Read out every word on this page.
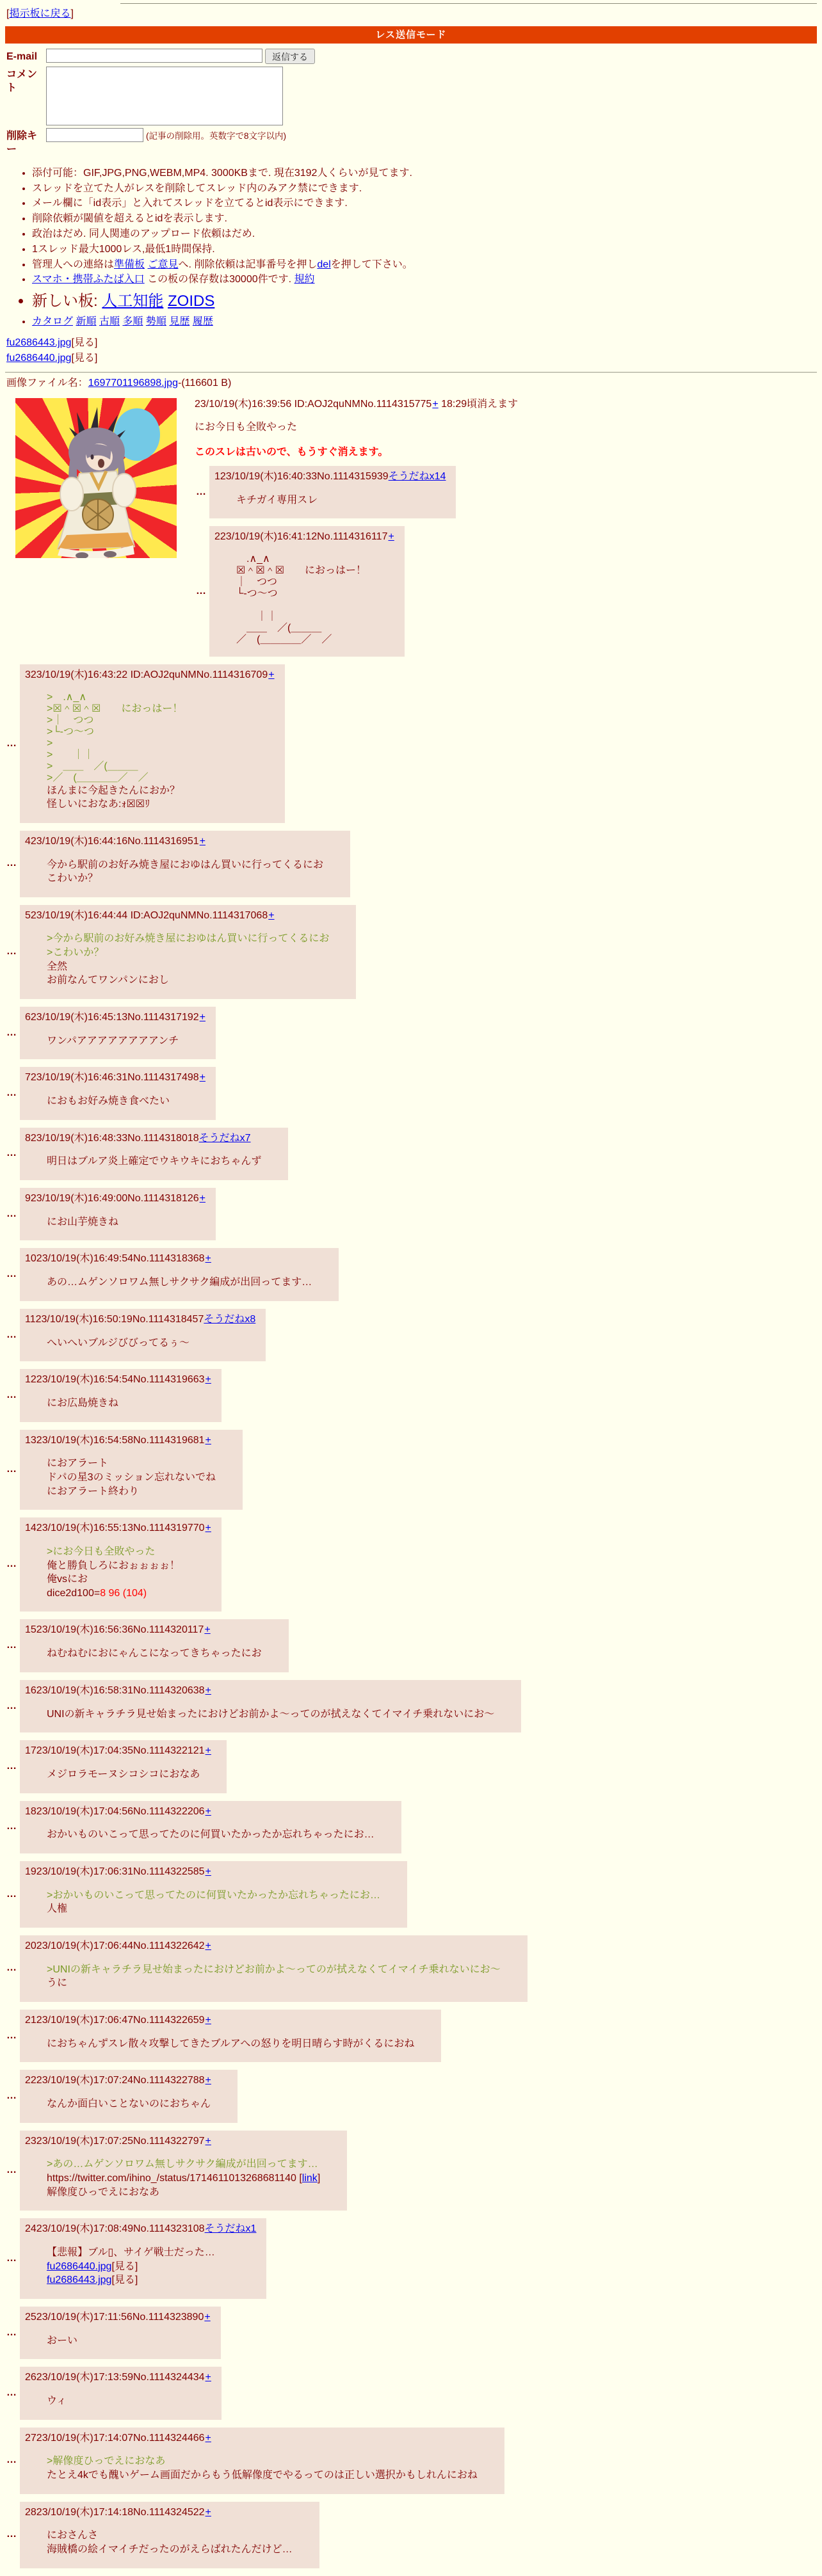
[掲示板に戻る]
レス送信モード
E-mail	返信する
コメント
削除キー
(記事の削除用。英数字で8文字以内)
• 添付可能：GIF,JPG,PNG,WEBM,MP4. 3000KBまで. 現在3192人くらいが見てます.
• スレッドを立てた人がレスを削除してスレッド内のみアク禁にできます.
• メール欄に「id表示」と入れてスレッドを立てるとid表示にできます.
• 削除依頼が閾値を超えるとidを表示します.
• 政治はだめ. 同人関連のアップロード依頼はだめ.
• 1スレッド最大1000レス,最低1時間保持.
• 管理人への連絡は準備板 ご意見へ. 削除依頼は記事番号を押しdelを押して下さい。
• スマホ・携帯ふたば入口 この板の保存数は30000件です. 規約
• 新しい板: 人工知能 ZOIDS
• カタログ 新順 古順 多順 勢順 見歴 履歴
fu2686443.jpg[見る]
fu2686440.jpg[見る]
画像ファイル名：1697701196898.jpg-(116601 B)
23/10/19(木)16:39:56 ID:AOJ2quNMNo.1114315775+ 18:29頃消えます
にお今日も全敗やった
このスレは古いので、もうすぐ消えます。
…	123/10/19(木)16:40:33No.1114315939そうだねx14
キチガイ専用スレ
…	223/10/19(木)16:41:12No.1114316117+
　.∧_∧
☒＾☒＾☒　　におっはー！
｜　つつ
└-つ～つ

　　｜｜
　＿＿　／(＿＿＿
／　(＿＿＿＿／　／
…	323/10/19(木)16:43:22 ID:AOJ2quNMNo.1114316709+
>　.∧_∧
>☒＾☒＾☒　　におっはー！
>｜　つつ
>└-つ～つ
>
>　　｜｜
>　＿＿　／(＿＿＿
>／　(＿＿＿＿／　／
ほんまに今起きたんにおか？
怪しいにおなあ:ｫ☒☒ﾘ
…	423/10/19(木)16:44:16No.1114316951+
今から駅前のお好み焼き屋におゆはん買いに行ってくるにお
こわいか？
…	523/10/19(木)16:44:44 ID:AOJ2quNMNo.1114317068+
>今から駅前のお好み焼き屋におゆはん買いに行ってくるにお
>こわいか？
全然
お前なんてワンパンにおし
…	623/10/19(木)16:45:13No.1114317192+
ワンパアアアアアアアアンチ
…	723/10/19(木)16:46:31No.1114317498+
におもお好み焼き食べたい
…	823/10/19(木)16:48:33No.1114318018そうだねx7
明日はブルア炎上確定でウキウキにおちゃんず
…	923/10/19(木)16:49:00No.1114318126+
にお山芋焼きね
…	1023/10/19(木)16:49:54No.1114318368+
あの…ムゲンソロワム無しサクサク編成が出回ってます…
…	1123/10/19(木)16:50:19No.1114318457そうだねx8
へいへいブルジびびってるぅ～
…	1223/10/19(木)16:54:54No.1114319663+
にお広島焼きね
…	1323/10/19(木)16:54:58No.1114319681+
におアラート
ドパの星3のミッション忘れないでね
におアラート終わり
…	1423/10/19(木)16:55:13No.1114319770+
>にお今日も全敗やった
俺と勝負しろにおぉぉぉぉ！
俺vsにお
dice2d100=8 96 (104)
…	1523/10/19(木)16:56:36No.1114320117+
ねむねむにおにゃんこになってきちゃったにお
…	1623/10/19(木)16:58:31No.1114320638+
UNIの新キャラチラ見せ始まったにおけどお前かよ～ってのが拭えなくてイマイチ乗れないにお～
…	1723/10/19(木)17:04:35No.1114322121+
メジロラモーヌシコシコにおなあ
…	1823/10/19(木)17:04:56No.1114322206+
おかいものいこって思ってたのに何買いたかったか忘れちゃったにお…
…	1923/10/19(木)17:06:31No.1114322585+
>おかいものいこって思ってたのに何買いたかったか忘れちゃったにお…
人権
…	2023/10/19(木)17:06:44No.1114322642+
>UNIの新キャラチラ見せ始まったにおけどお前かよ～ってのが拭えなくてイマイチ乗れないにお～
うに
…	2123/10/19(木)17:06:47No.1114322659+
におちゃんずスレ散々攻撃してきたブルアへの怒りを明日晴らす時がくるにおね
…	2223/10/19(木)17:07:24No.1114322788+
なんか面白いことないのにおちゃん
…	2323/10/19(木)17:07:25No.1114322797+
>あの…ムゲンソロワム無しサクサク編成が出回ってます…
https://twitter.com/ihino_/status/1714611013268681140 [link]
解像度ひっでえにおなあ
…	2423/10/19(木)17:08:49No.1114323108そうだねx1
【悲報】ブル▯、サイゲ戦士だった…
fu2686440.jpg[見る]
fu2686443.jpg[見る]
…	2523/10/19(木)17:11:56No.1114323890+
おーい
…	2623/10/19(木)17:13:59No.1114324434+
ウィ
…	2723/10/19(木)17:14:07No.1114324466+
>解像度ひっでえにおなあ
たとえ4kでも醜いゲーム画面だからもう低解像度でやるってのは正しい選択かもしれんにおね
…	2823/10/19(木)17:14:18No.1114324522+
におさんさ
海賊橋の絵イマイチだったのがえらばれたんだけど…
